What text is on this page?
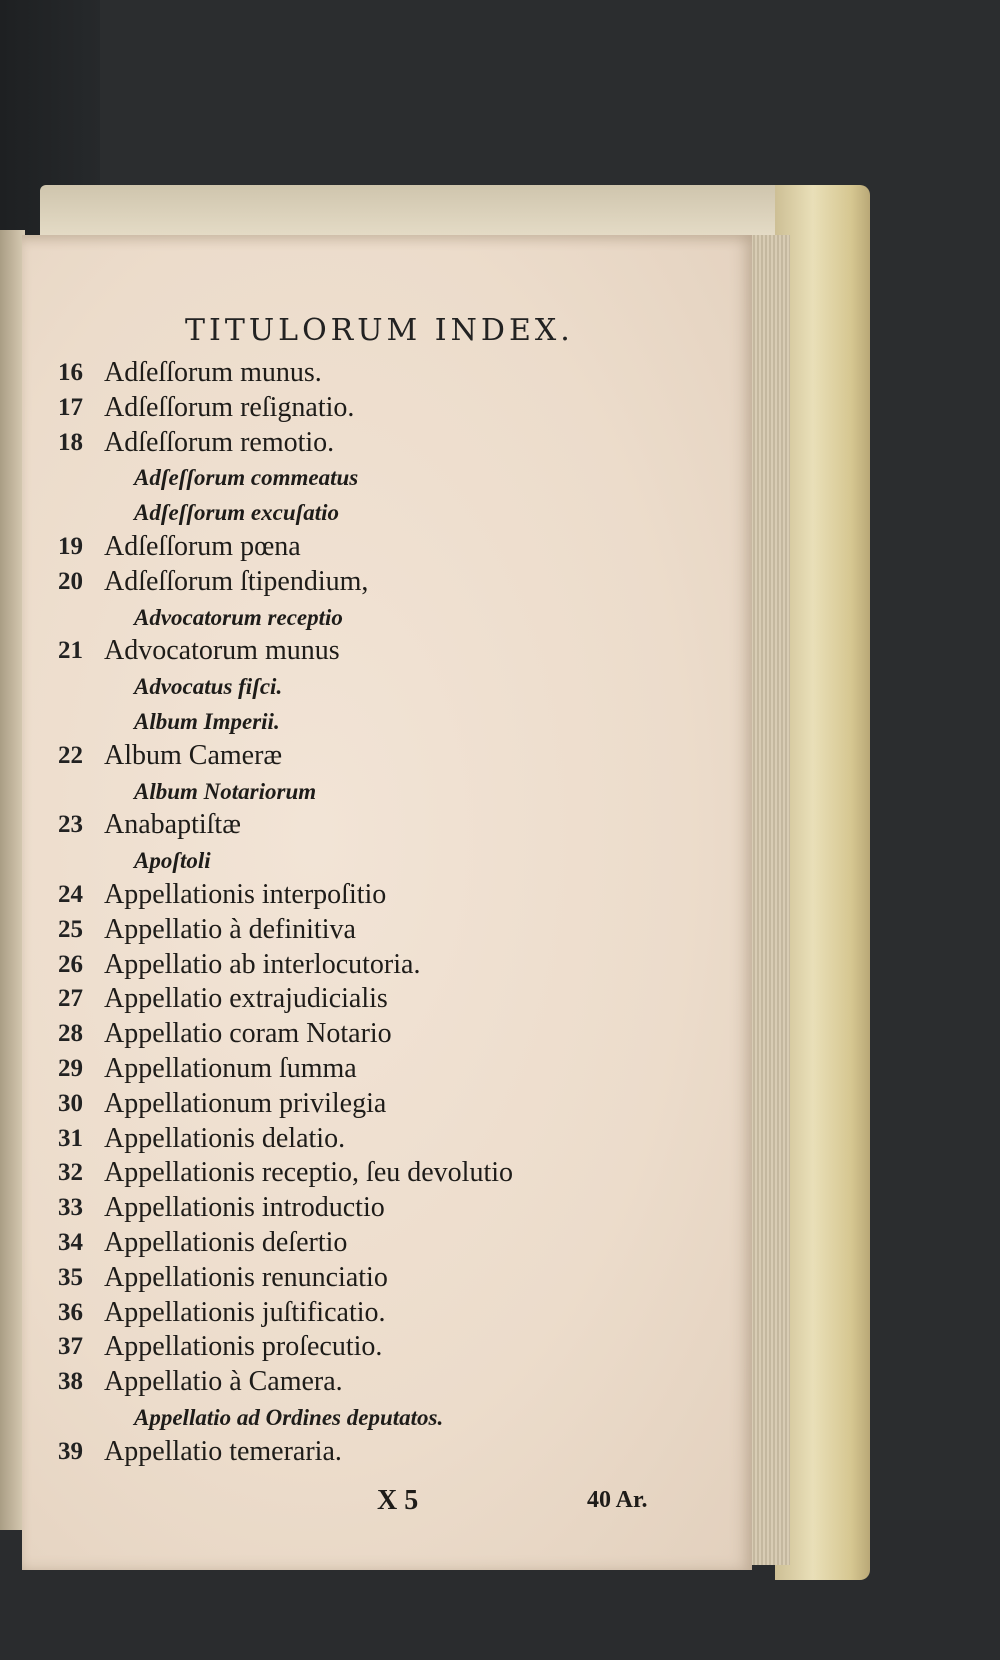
TITULORUM INDEX.
16 Adſeſſorum munus.
17 Adſeſſorum reſignatio.
18 Adſeſſorum remotio.
Adſeſſorum commeatus
Adſeſſorum excuſatio
19 Adſeſſorum pœna
20 Adſeſſorum ſtipendium,
Advocatorum receptio
21 Advocatorum munus
Advocatus fiſci.
Album Imperii.
22 Album Cameræ
Album Notariorum
23 Anabaptiſtæ
Apoſtoli
24 Appellationis interpoſitio
25 Appellatio à definitiva
26 Appellatio ab interlocutoria.
27 Appellatio extrajudicialis
28 Appellatio coram Notario
29 Appellationum ſumma
30 Appellationum privilegia
31 Appellationis delatio.
32 Appellationis receptio, ſeu devolutio
33 Appellationis introductio
34 Appellationis deſertio
35 Appellationis renunciatio
36 Appellationis juſtificatio.
37 Appellationis proſecutio.
38 Appellatio à Camera.
Appellatio ad Ordines deputatos.
39 Appellatio temeraria.
X 5	40 Ar.
